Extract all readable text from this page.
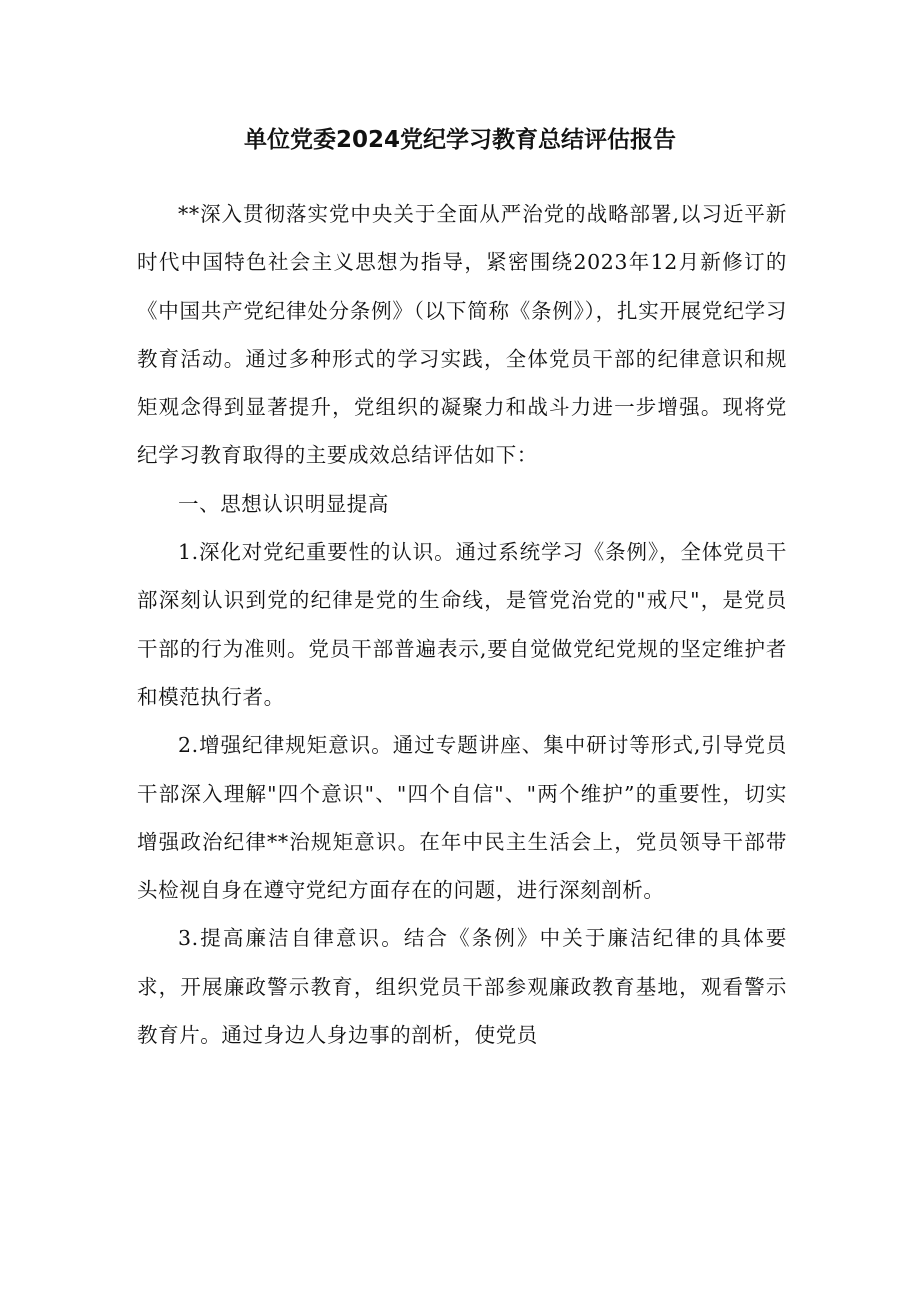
单位党委2024党纪学习教育总结评估报告

**深入贯彻落实党中央关于全面从严治党的战略部署,以习近平新时代中国特色社会主义思想为指导，紧密围绕2023年12月新修订的《中国共产党纪律处分条例》（以下简称《条例》），扎实开展党纪学习教育活动。通过多种形式的学习实践，全体党员干部的纪律意识和规矩观念得到显著提升，党组织的凝聚力和战斗力进一步增强。现将党纪学习教育取得的主要成效总结评估如下：

一、思想认识明显提高

1.深化对党纪重要性的认识。通过系统学习《条例》，全体党员干部深刻认识到党的纪律是党的生命线，是管党治党的"戒尺"，是党员干部的行为准则。党员干部普遍表示,要自觉做党纪党规的坚定维护者和模范执行者。

2.增强纪律规矩意识。通过专题讲座、集中研讨等形式,引导党员干部深入理解"四个意识"、"四个自信"、"两个维护”的重要性，切实增强政治纪律**治规矩意识。在年中民主生活会上，党员领导干部带头检视自身在遵守党纪方面存在的问题，进行深刻剖析。

3.提高廉洁自律意识。结合《条例》中关于廉洁纪律的具体要求，开展廉政警示教育，组织党员干部参观廉政教育基地，观看警示教育片。通过身边人身边事的剖析，使党员
